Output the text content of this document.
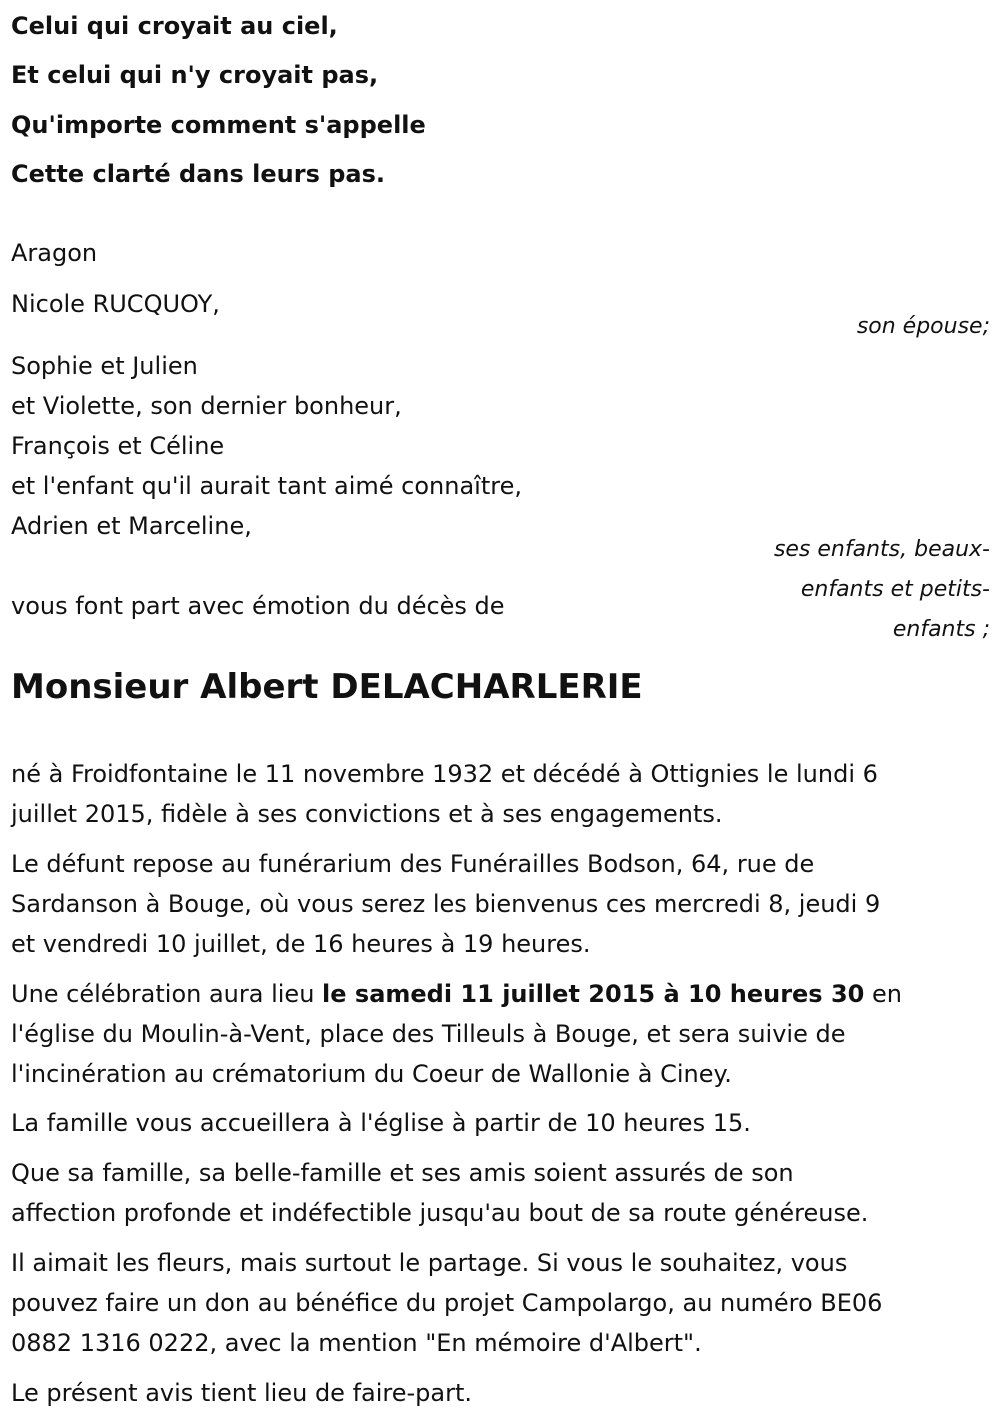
Celui qui croyait au ciel,
Et celui qui n'y croyait pas,
Qu'importe comment s'appelle
Cette clarté dans leurs pas.
Aragon
Nicole RUCQUOY,
son épouse;
Sophie et Julien
et Violette, son dernier bonheur,
François et Céline
et l'enfant qu'il aurait tant aimé connaître,
Adrien et Marceline,
ses enfants, beaux-
enfants et petits-
enfants ;
vous font part avec émotion du décès de
Monsieur Albert DELACHARLERIE
né à Froidfontaine le 11 novembre 1932 et décédé à Ottignies le lundi 6
juillet 2015, fidèle à ses convictions et à ses engagements.
Le défunt repose au funérarium des Funérailles Bodson, 64, rue de
Sardanson à Bouge, où vous serez les bienvenus ces mercredi 8, jeudi 9
et vendredi 10 juillet, de 16 heures à 19 heures.
Une célébration aura lieu le samedi 11 juillet 2015 à 10 heures 30 en
l'église du Moulin-à-Vent, place des Tilleuls à Bouge, et sera suivie de
l'incinération au crématorium du Coeur de Wallonie à Ciney.
La famille vous accueillera à l'église à partir de 10 heures 15.
Que sa famille, sa belle-famille et ses amis soient assurés de son
affection profonde et indéfectible jusqu'au bout de sa route généreuse.
Il aimait les fleurs, mais surtout le partage. Si vous le souhaitez, vous
pouvez faire un don au bénéfice du projet Campolargo, au numéro BE06
0882 1316 0222, avec la mention "En mémoire d'Albert".
Le présent avis tient lieu de faire-part.
